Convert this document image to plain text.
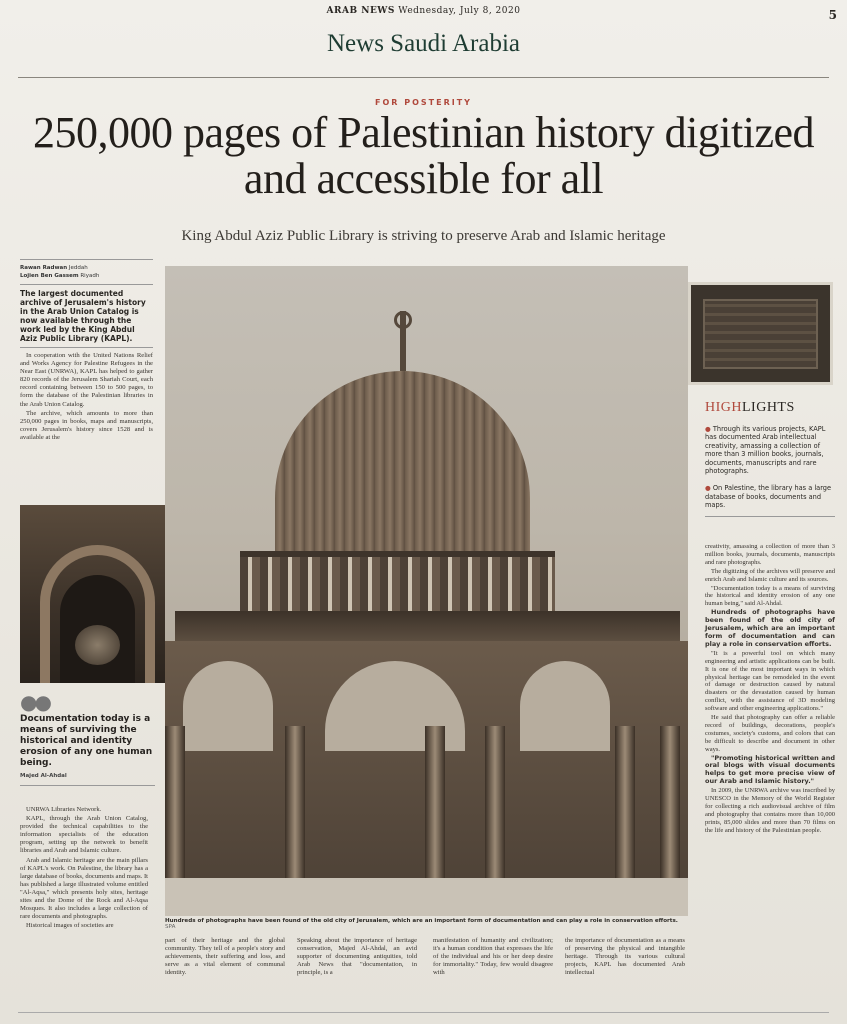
ARAB NEWS Wednesday, July 8, 2020	5
News Saudi Arabia
FOR POSTERITY
250,000 pages of Palestinian history digitized and accessible for all
King Abdul Aziz Public Library is striving to preserve Arab and Islamic heritage
Rawan Radwan Jeddah
Lojien Ben Gassem Riyadh
The largest documented archive of Jerusalem's history in the Arab Union Catalog is now available through the work led by the King Abdul Aziz Public Library (KAPL).

In cooperation with the United Nations Relief and Works Agency for Palestine Refugees in the Near East (UNRWA), KAPL has helped to gather 820 records of the Jerusalem Shariah Court, each record containing between 150 to 500 pages, to form the database of the Palestinian libraries in the Arab Union Catalog.

The archive, which amounts to more than 250,000 pages in books, maps and manuscripts, covers Jerusalem's history since 1528 and is available at the

●●
Documentation today is a means of surviving the historical and identity erosion of any one human being.
Majed Al-Ahdal

UNRWA Libraries Network.

KAPL, through the Arab Union Catalog, provided the technical capabilities to the information specialists of the education program, setting up the network to benefit libraries and Arab and Islamic culture.

Arab and Islamic heritage are the main pillars of KAPL's work. On Palestine, the library has a large database of books, documents and maps. It has published a large illustrated volume entitled "Al-Aqsa," which presents holy sites, heritage sites and the Dome of the Rock and Al-Aqsa Mosques. It also includes a large collection of rare documents and photographs.

Historical images of societies are

Hundreds of photographs have been found of the old city of Jerusalem, which are an important form of documentation and can play a role in conservation efforts. SPA
part of their heritage and the global community. They tell of a people's story and achievements, their suffering and loss, and serve as a vital element of communal identity.
Speaking about the importance of heritage conservation, Majed Al-Ahdal, an avid supporter of documenting antiquities, told Arab News that "documentation, in principle, is a
manifestation of humanity and civilization; it's a human condition that expresses the life of the individual and his or her deep desire for immortality." Today, few would disagree with
the importance of documentation as a means of preserving the physical and intangible heritage. Through its various cultural projects, KAPL has documented Arab intellectual
HIGHLIGHTS
● Through its various projects, KAPL has documented Arab intellectual creativity, amassing a collection of more than 3 million books, journals, documents, manuscripts and rare photographs.
● On Palestine, the library has a large database of books, documents and maps.

creativity, amassing a collection of more than 3 million books, journals, documents, manuscripts and rare photographs.

The digitizing of the archives will preserve and enrich Arab and Islamic culture and its sources.

"Documentation today is a means of surviving the historical and identity erosion of any one human being," said Al-Ahdal.

Hundreds of photographs have been found of the old city of Jerusalem, which are an important form of documentation and can play a role in conservation efforts.

"It is a powerful tool on which many engineering and artistic applications can be built. It is one of the most important ways in which physical heritage can be remodeled in the event of damage or destruction caused by natural disasters or the devastation caused by human conflict, with the assistance of 3D modeling software and other engineering applications."

He said that photography can offer a reliable record of buildings, decorations, people's costumes, society's customs, and colors that can be difficult to describe and document in other ways.

"Promoting historical written and oral blogs with visual documents helps to get more precise view of our Arab and Islamic history."

In 2009, the UNRWA archive was inscribed by UNESCO in the Memory of the World Register for collecting a rich audiovisual archive of film and photography that contains more than 10,000 prints, 85,000 slides and more than 70 films on the life and history of the Palestinian people.
